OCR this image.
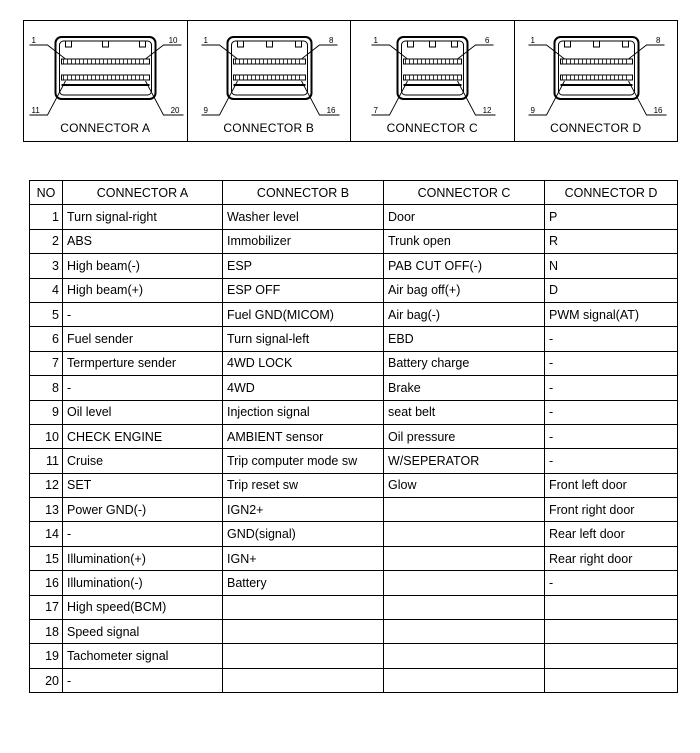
1	10
11	20
CONNECTOR A
1	8
9	16
CONNECTOR B
1	6
7	12
CONNECTOR C
1	8
9	16
CONNECTOR D
NO	CONNECTOR A	CONNECTOR B	CONNECTOR C	CONNECTOR D
1	Turn signal-right	Washer level	Door	P
2	ABS	Immobilizer	Trunk open	R
3	High beam(-)	ESP	PAB CUT OFF(-)	N
4	High beam(+)	ESP OFF	Air bag off(+)	D
5	-	Fuel GND(MICOM)	Air bag(-)	PWM signal(AT)
6	Fuel sender	Turn signal-left	EBD	-
7	Termperture sender	4WD LOCK	Battery charge	-
8	-	4WD	Brake	-
9	Oil level	Injection signal	seat belt	-
10	CHECK ENGINE	AMBIENT sensor	Oil pressure	-
11	Cruise	Trip computer mode sw	W/SEPERATOR	-
12	SET	Trip reset sw	Glow	Front left door
13	Power GND(-)	IGN2+		Front right door
14	-	GND(signal)		Rear left door
15	Illumination(+)	IGN+		Rear right door
16	Illumination(-)	Battery		-
17	High speed(BCM)			
18	Speed signal			
19	Tachometer signal			
20	-			
